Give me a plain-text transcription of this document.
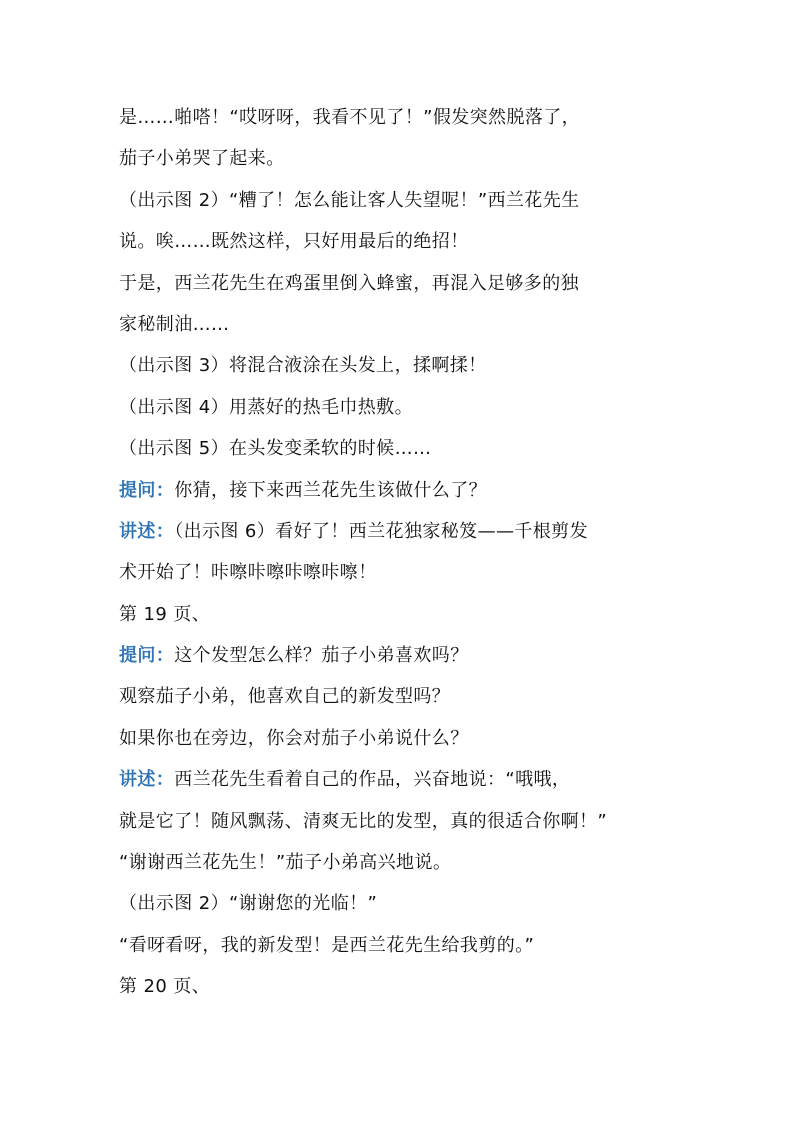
是……啪嗒！“哎呀呀，我看不见了！”假发突然脱落了，
茄子小弟哭了起来。
（出示图 2）“糟了！怎么能让客人失望呢！”西兰花先生
说。唉……既然这样，只好用最后的绝招！
于是，西兰花先生在鸡蛋里倒入蜂蜜，再混入足够多的独
家秘制油……
（出示图 3）将混合液涂在头发上，揉啊揉！
（出示图 4）用蒸好的热毛巾热敷。
（出示图 5）在头发变柔软的时候……
提问：你猜，接下来西兰花先生该做什么了？
讲述：（出示图 6）看好了！西兰花独家秘笈——千根剪发
术开始了！咔嚓咔嚓咔嚓咔嚓！
第 19 页、
提问：这个发型怎么样？茄子小弟喜欢吗？
观察茄子小弟，他喜欢自己的新发型吗？
如果你也在旁边，你会对茄子小弟说什么？
讲述：西兰花先生看着自己的作品，兴奋地说：“哦哦，
就是它了！随风飘荡、清爽无比的发型，真的很适合你啊！”
“谢谢西兰花先生！”茄子小弟高兴地说。
（出示图 2）“谢谢您的光临！”
“看呀看呀，我的新发型！是西兰花先生给我剪的。”
第 20 页、
